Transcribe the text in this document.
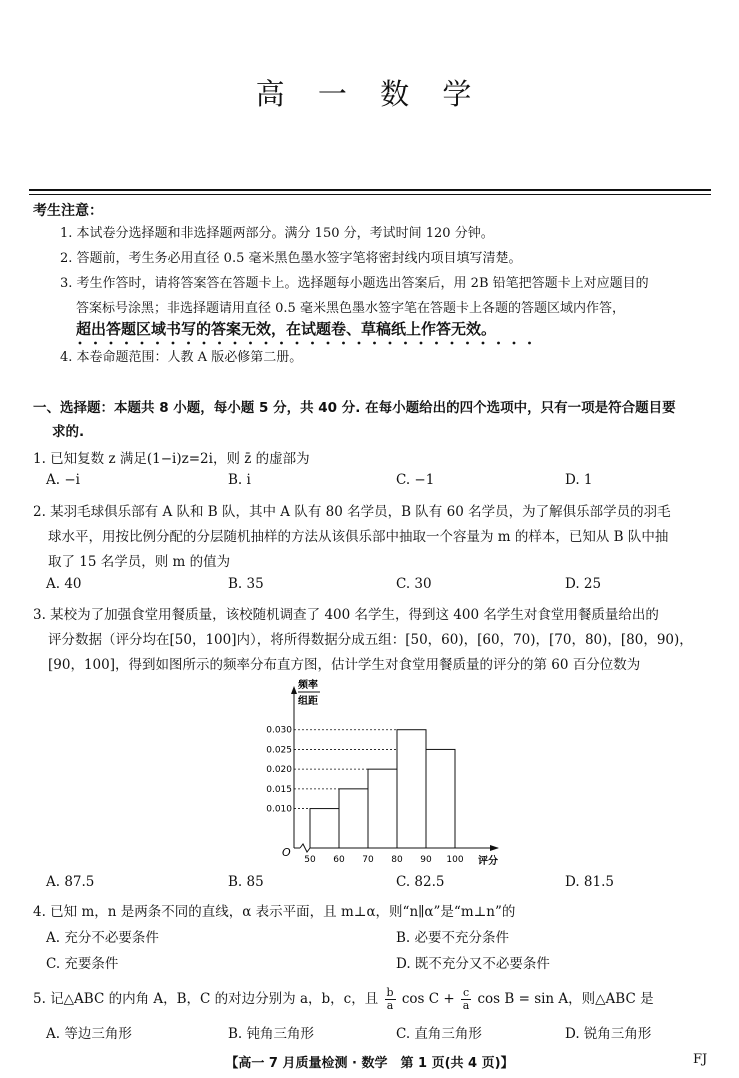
高 一 数 学
考生注意：
1. 本试卷分选择题和非选择题两部分。满分 150 分，考试时间 120 分钟。
2. 答题前，考生务必用直径 0.5 毫米黑色墨水签字笔将密封线内项目填写清楚。
3. 考生作答时，请将答案答在答题卡上。选择题每小题选出答案后，用 2B 铅笔把答题卡上对应题目的
答案标号涂黑；非选择题请用直径 0.5 毫米黑色墨水签字笔在答题卡上各题的答题区域内作答，
超出答题区域书写的答案无效，在试题卷、草稿纸上作答无效。
4. 本卷命题范围：人教 A 版必修第二册。
一、选择题：本题共 8 小题，每小题 5 分，共 40 分. 在每小题给出的四个选项中，只有一项是符合题目要
求的.
1. 已知复数 z 满足(1−i)z=2i，则 z̄ 的虚部为
A. −i	B. i	C. −1	D. 1
2. 某羽毛球俱乐部有 A 队和 B 队，其中 A 队有 80 名学员，B 队有 60 名学员，为了解俱乐部学员的羽毛
球水平，用按比例分配的分层随机抽样的方法从该俱乐部中抽取一个容量为 m 的样本，已知从 B 队中抽
取了 15 名学员，则 m 的值为
A. 40	B. 35	C. 30	D. 25
3. 某校为了加强食堂用餐质量，该校随机调查了 400 名学生，得到这 400 名学生对食堂用餐质量给出的
评分数据（评分均在[50，100]内），将所得数据分成五组：[50，60)，[60，70)，[70，80)，[80，90)，
[90，100]，得到如图所示的频率分布直方图，估计学生对食堂用餐质量的评分的第 60 百分位数为
频率
组距
评分
O
0.010
0.015
0.020
0.025
0.030
50 60 70 80 90 100
A. 87.5	B. 85	C. 82.5	D. 81.5
4. 已知 m，n 是两条不同的直线，α 表示平面，且 m⊥α，则“n∥α”是“m⊥n”的
A. 充分不必要条件	B. 必要不充分条件
C. 充要条件	D. 既不充分又不必要条件
5. 记△ABC 的内角 A，B，C 的对边分别为 a，b，c，且 $\frac{b}{a}$ $\cos C + \frac{c}{a}$ cos B = sin A，则△ABC 是
A. 等边三角形	B. 钝角三角形	C. 直角三角形	D. 锐角三角形
【高一 7 月质量检测 · 数学　第 1 页(共 4 页)】	FJ
